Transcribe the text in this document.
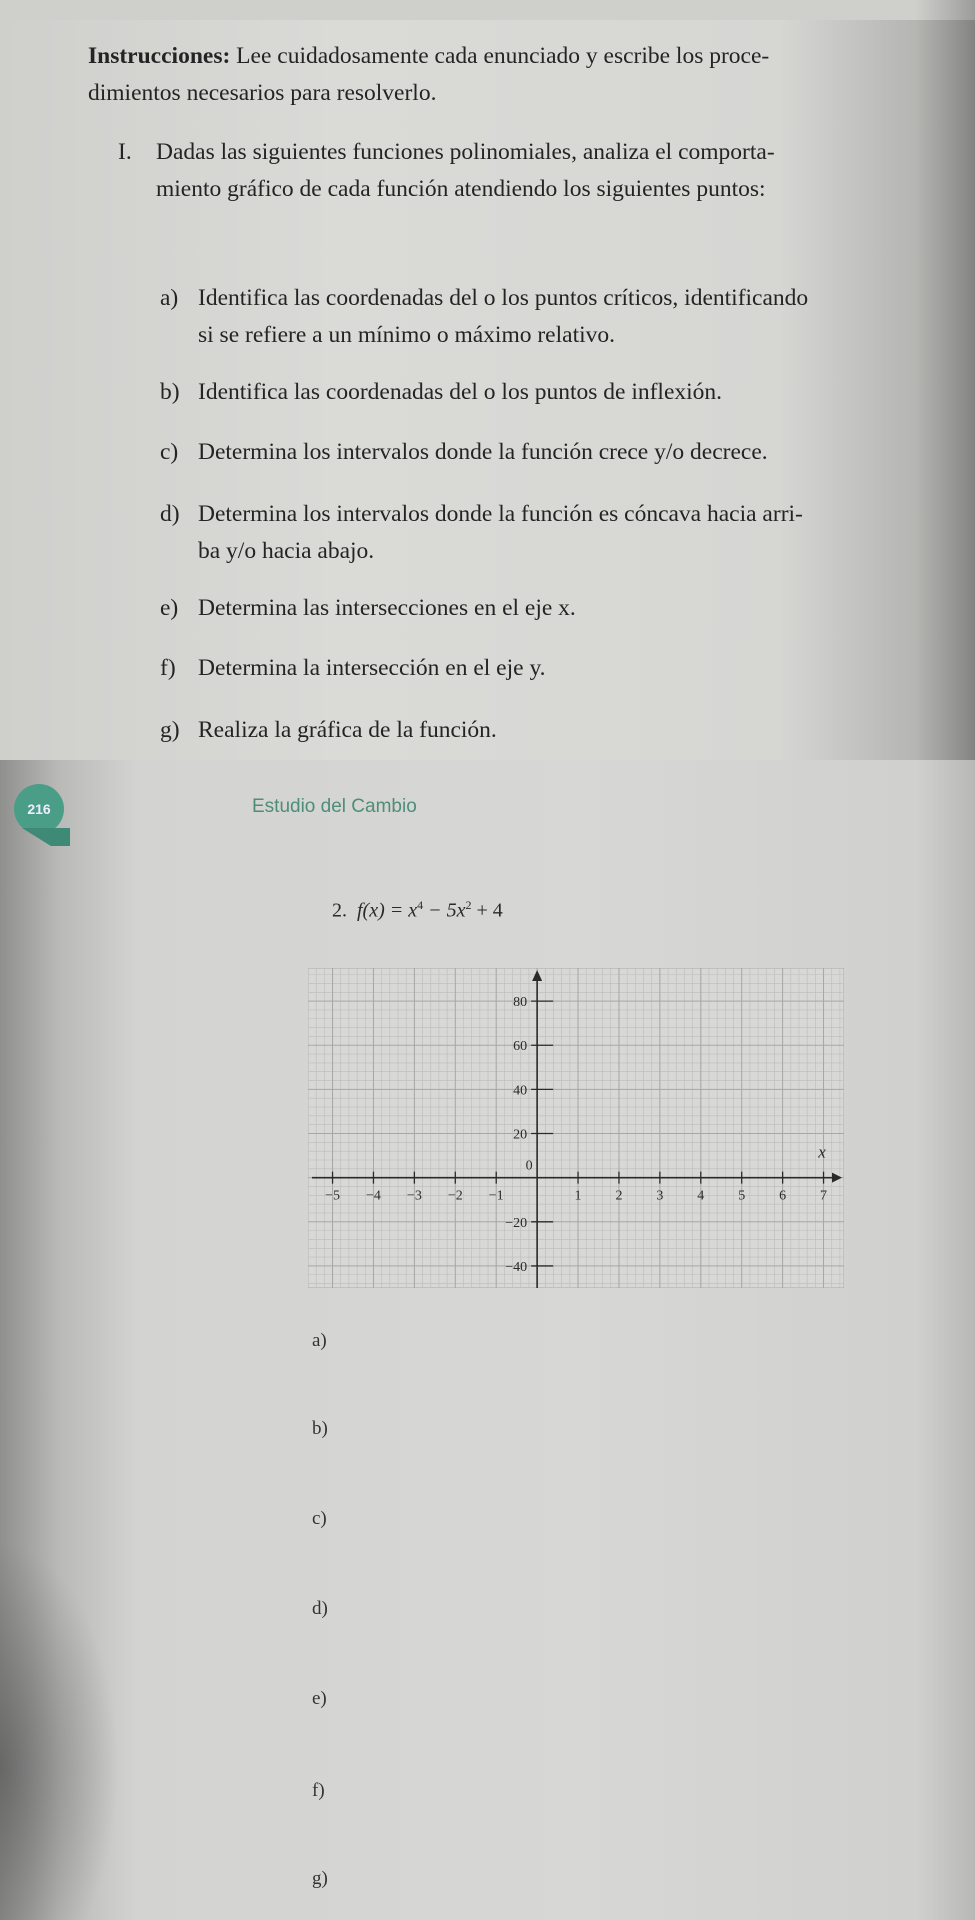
Instrucciones: Lee cuidadosamente cada enunciado y escribe los proce-
dimientos necesarios para resolverlo.
I. Dadas las siguientes funciones polinomiales, analiza el comporta-
miento gráfico de cada función atendiendo los siguientes puntos:
a) Identifica las coordenadas del o los puntos críticos, identificando
si se refiere a un mínimo o máximo relativo.
b) Identifica las coordenadas del o los puntos de inflexión.
c) Determina los intervalos donde la función crece y/o decrece.
d) Determina los intervalos donde la función es cóncava hacia arri-
ba y/o hacia abajo.
e) Determina las intersecciones en el eje x.
f) Determina la intersección en el eje y.
g) Realiza la gráfica de la función.
216	Estudio del Cambio
2. $f(x) = x^4 - 5x^2 + 4$
−5 −4 −3 −2 −1
0
1 2 3 4 5 6 7
80
60
40
20
−20
−40
x
a)
b)
c)
d)
e)
f)
g)
